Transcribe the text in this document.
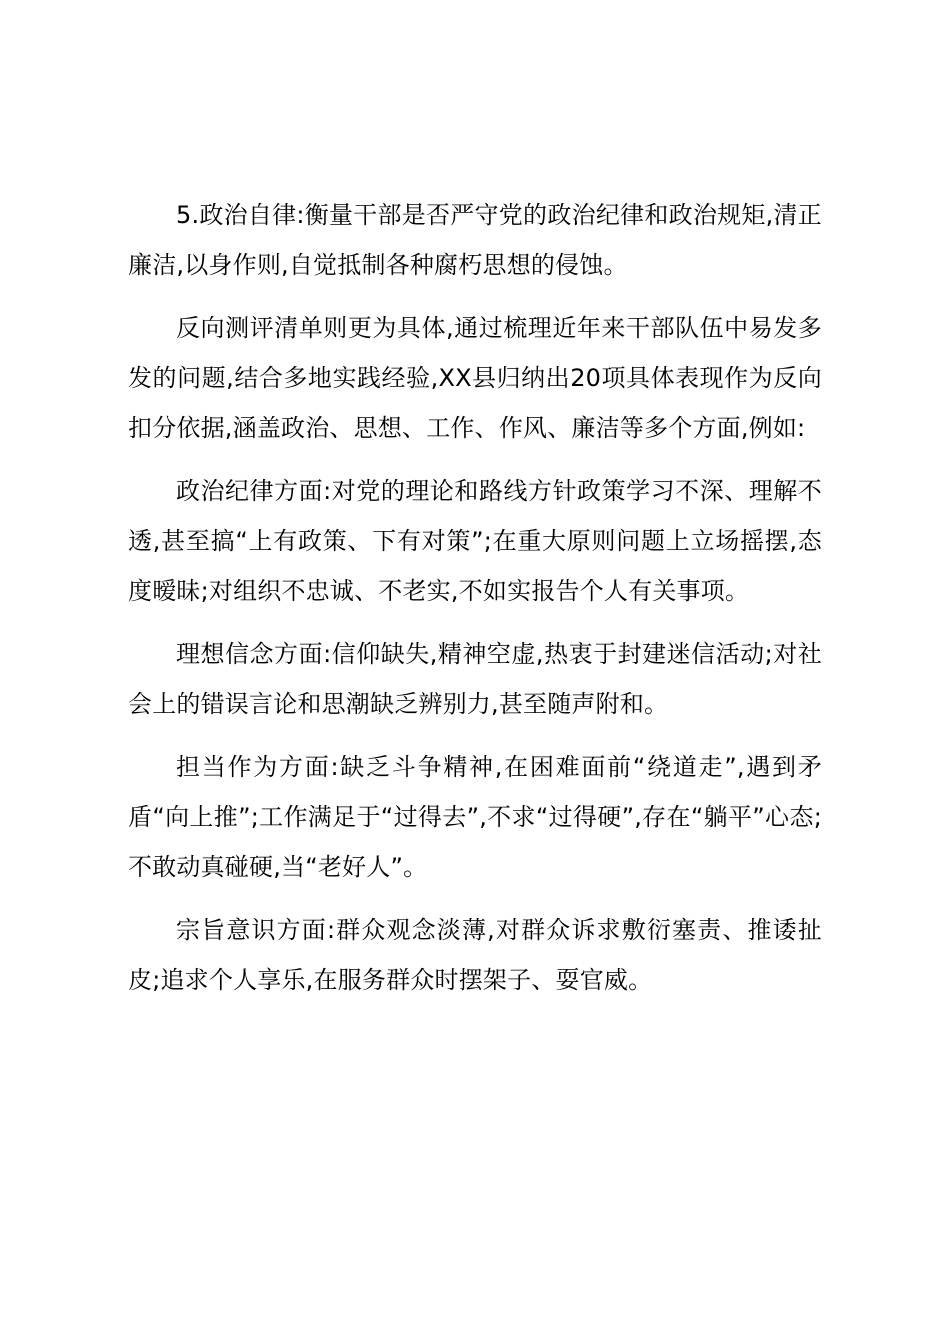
5.政治自律:衡量干部是否严守党的政治纪律和政治规矩,清正廉洁,以身作则,自觉抵制各种腐朽思想的侵蚀。

反向测评清单则更为具体,通过梳理近年来干部队伍中易发多发的问题,结合多地实践经验,XX县归纳出20项具体表现作为反向扣分依据,涵盖政治、思想、工作、作风、廉洁等多个方面,例如:

政治纪律方面:对党的理论和路线方针政策学习不深、理解不透,甚至搞“上有政策、下有对策”;在重大原则问题上立场摇摆,态度暧昧;对组织不忠诚、不老实,不如实报告个人有关事项。

理想信念方面:信仰缺失,精神空虚,热衷于封建迷信活动;对社会上的错误言论和思潮缺乏辨别力,甚至随声附和。

担当作为方面:缺乏斗争精神,在困难面前“绕道走”,遇到矛盾“向上推”;工作满足于“过得去”,不求“过得硬”,存在“躺平”心态;不敢动真碰硬,当“老好人”。

宗旨意识方面:群众观念淡薄,对群众诉求敷衍塞责、推诿扯皮;追求个人享乐,在服务群众时摆架子、耍官威。
